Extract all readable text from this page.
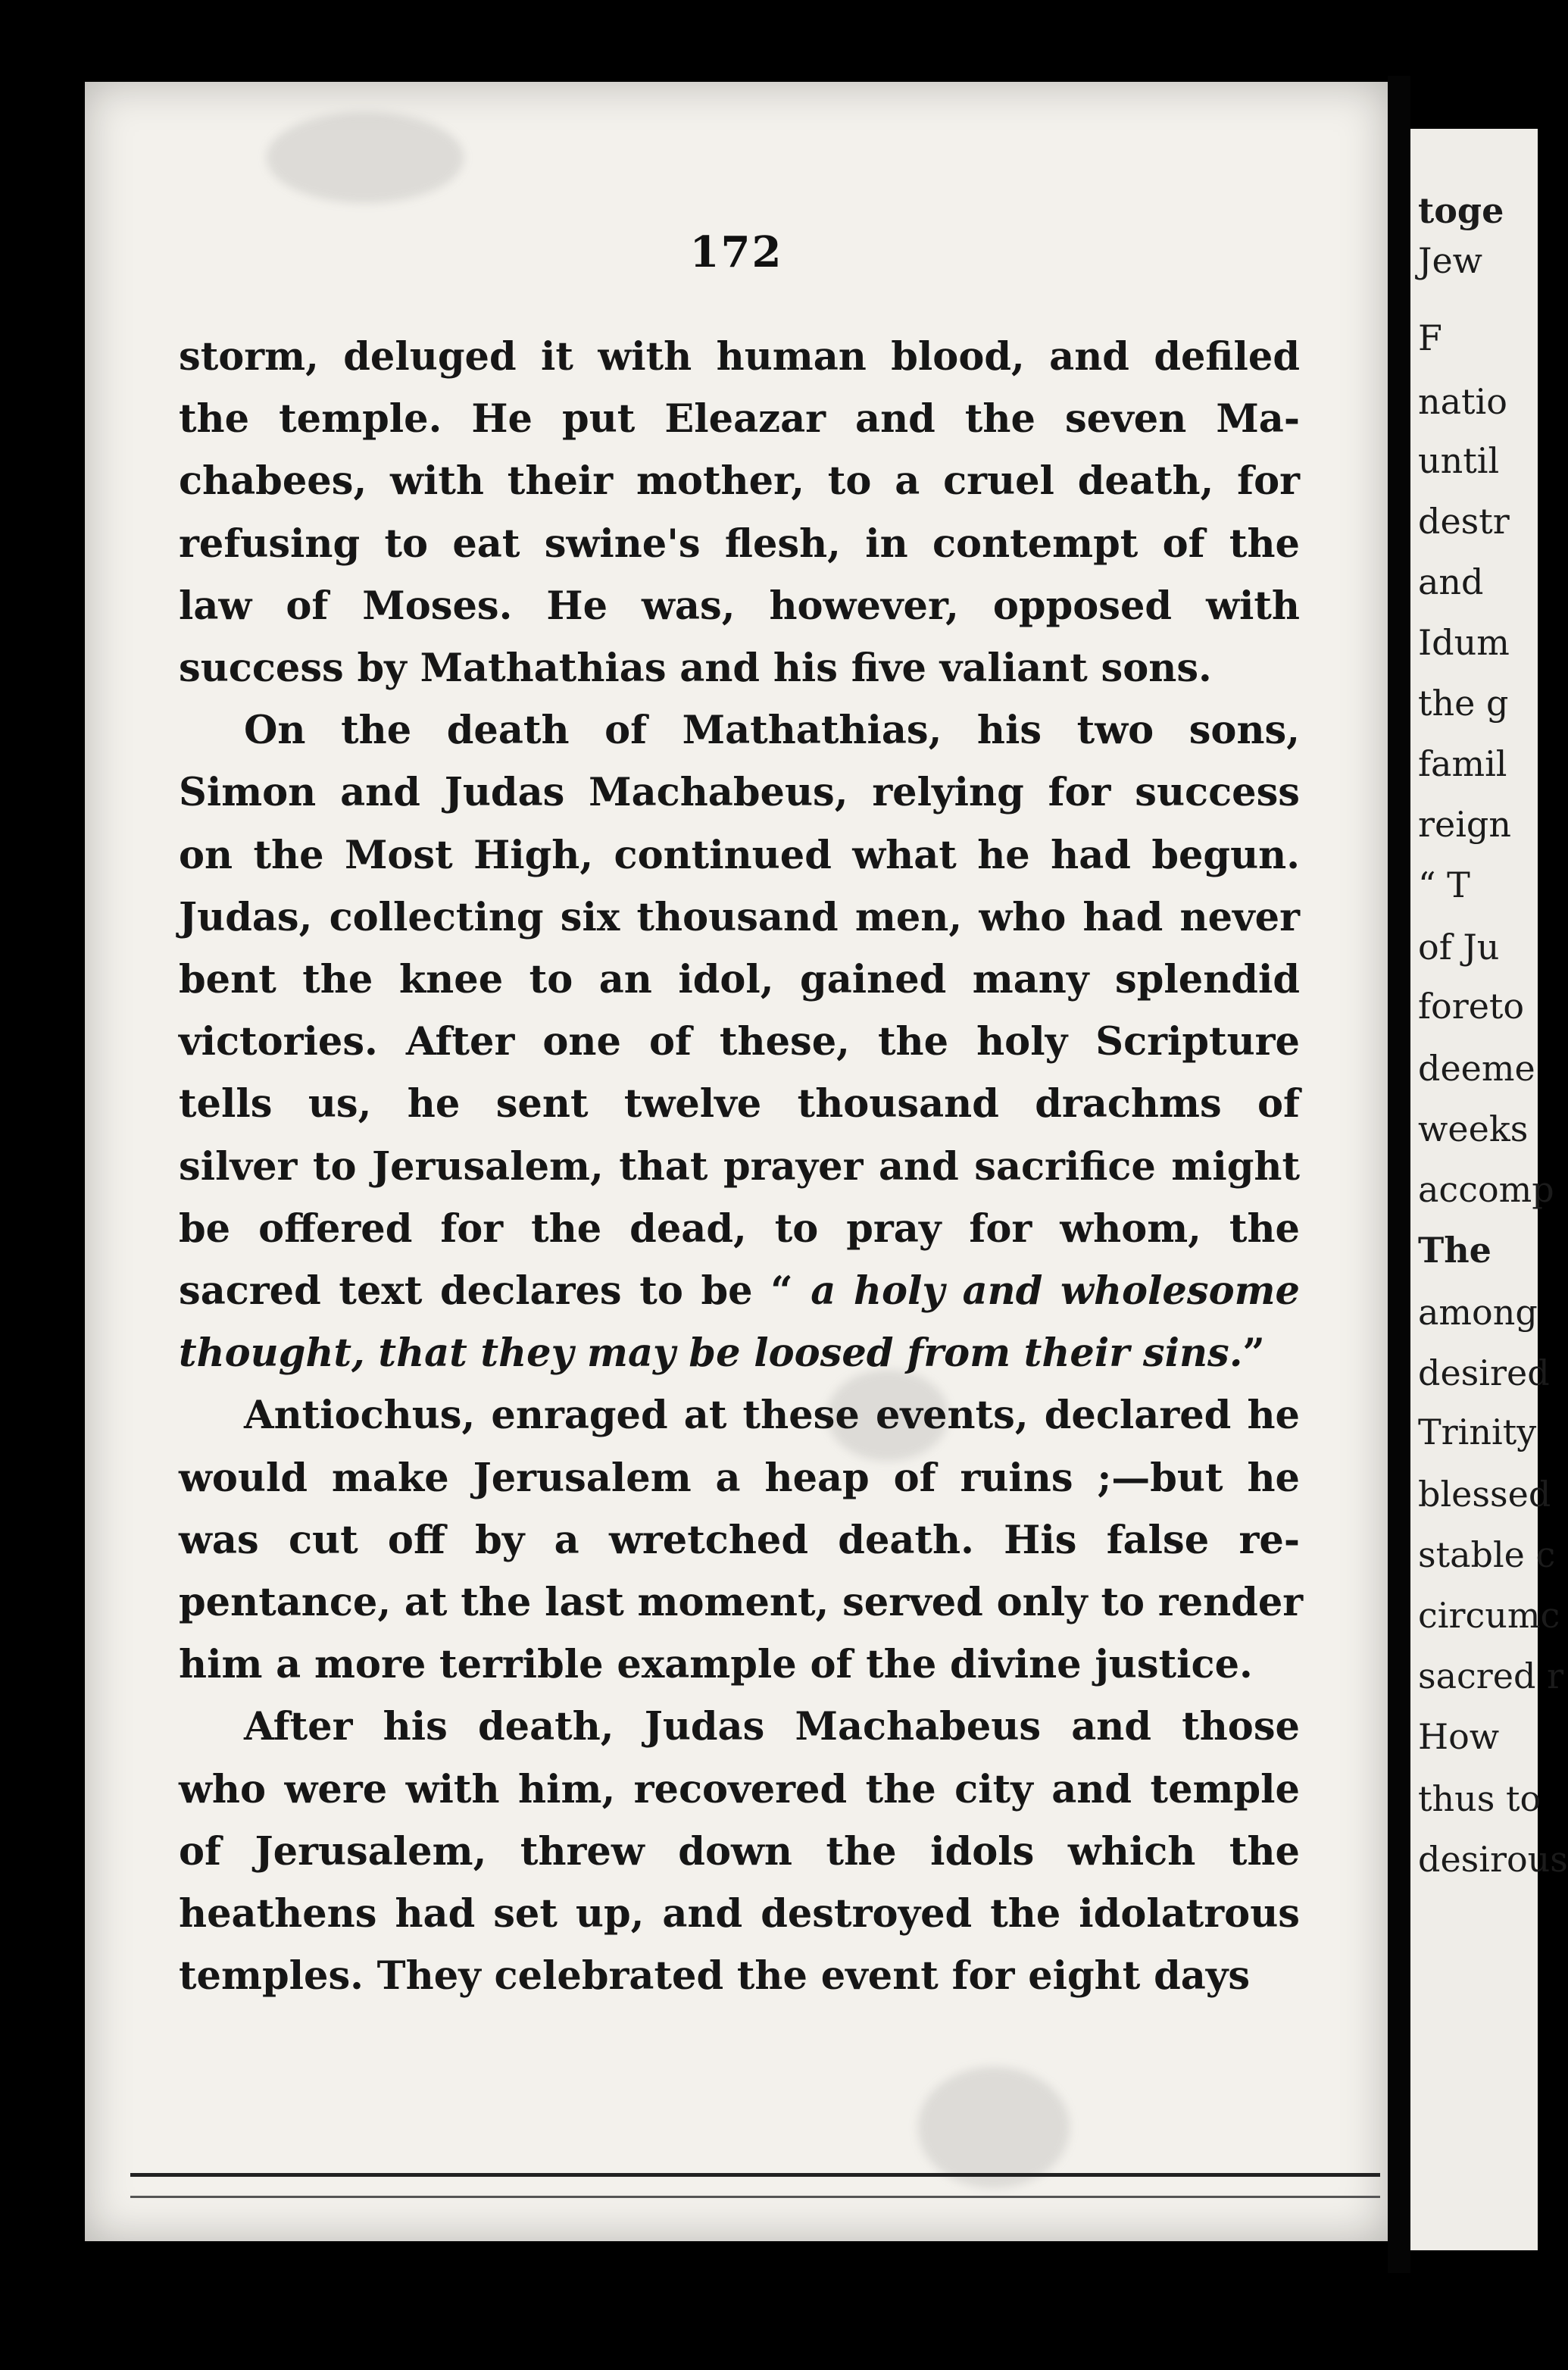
172
storm, deluged it with human blood, and defiled
the temple. He put Eleazar and the seven Ma-
chabees, with their mother, to a cruel death, for
refusing to eat swine's flesh, in contempt of the
law of Moses. He was, however, opposed with
success by Mathathias and his five valiant sons.
On the death of Mathathias, his two sons,
Simon and Judas Machabeus, relying for success
on the Most High, continued what he had begun.
Judas, collecting six thousand men, who had never
bent the knee to an idol, gained many splendid
victories. After one of these, the holy Scripture
tells us, he sent twelve thousand drachms of
silver to Jerusalem, that prayer and sacrifice might
be offered for the dead, to pray for whom, the
sacred text declares to be “ a holy and wholesome
thought, that they may be loosed from their sins.”
Antiochus, enraged at these events, declared he
would make Jerusalem a heap of ruins ;—but he
was cut off by a wretched death. His false re-
pentance, at the last moment, served only to render
him a more terrible example of the divine justice.
After his death, Judas Machabeus and those
who were with him, recovered the city and temple
of Jerusalem, threw down the idols which the
heathens had set up, and destroyed the idolatrous
temples. They celebrated the event for eight days
toge
Jew
F
natio
until
destr
and
Idum
the g
famil
reign
“ T
of Ju
foreto
deeme
weeks
accomp
The
among
desired
Trinity
blessed
stable c
circumc
sacred r
How
thus to
desirous
